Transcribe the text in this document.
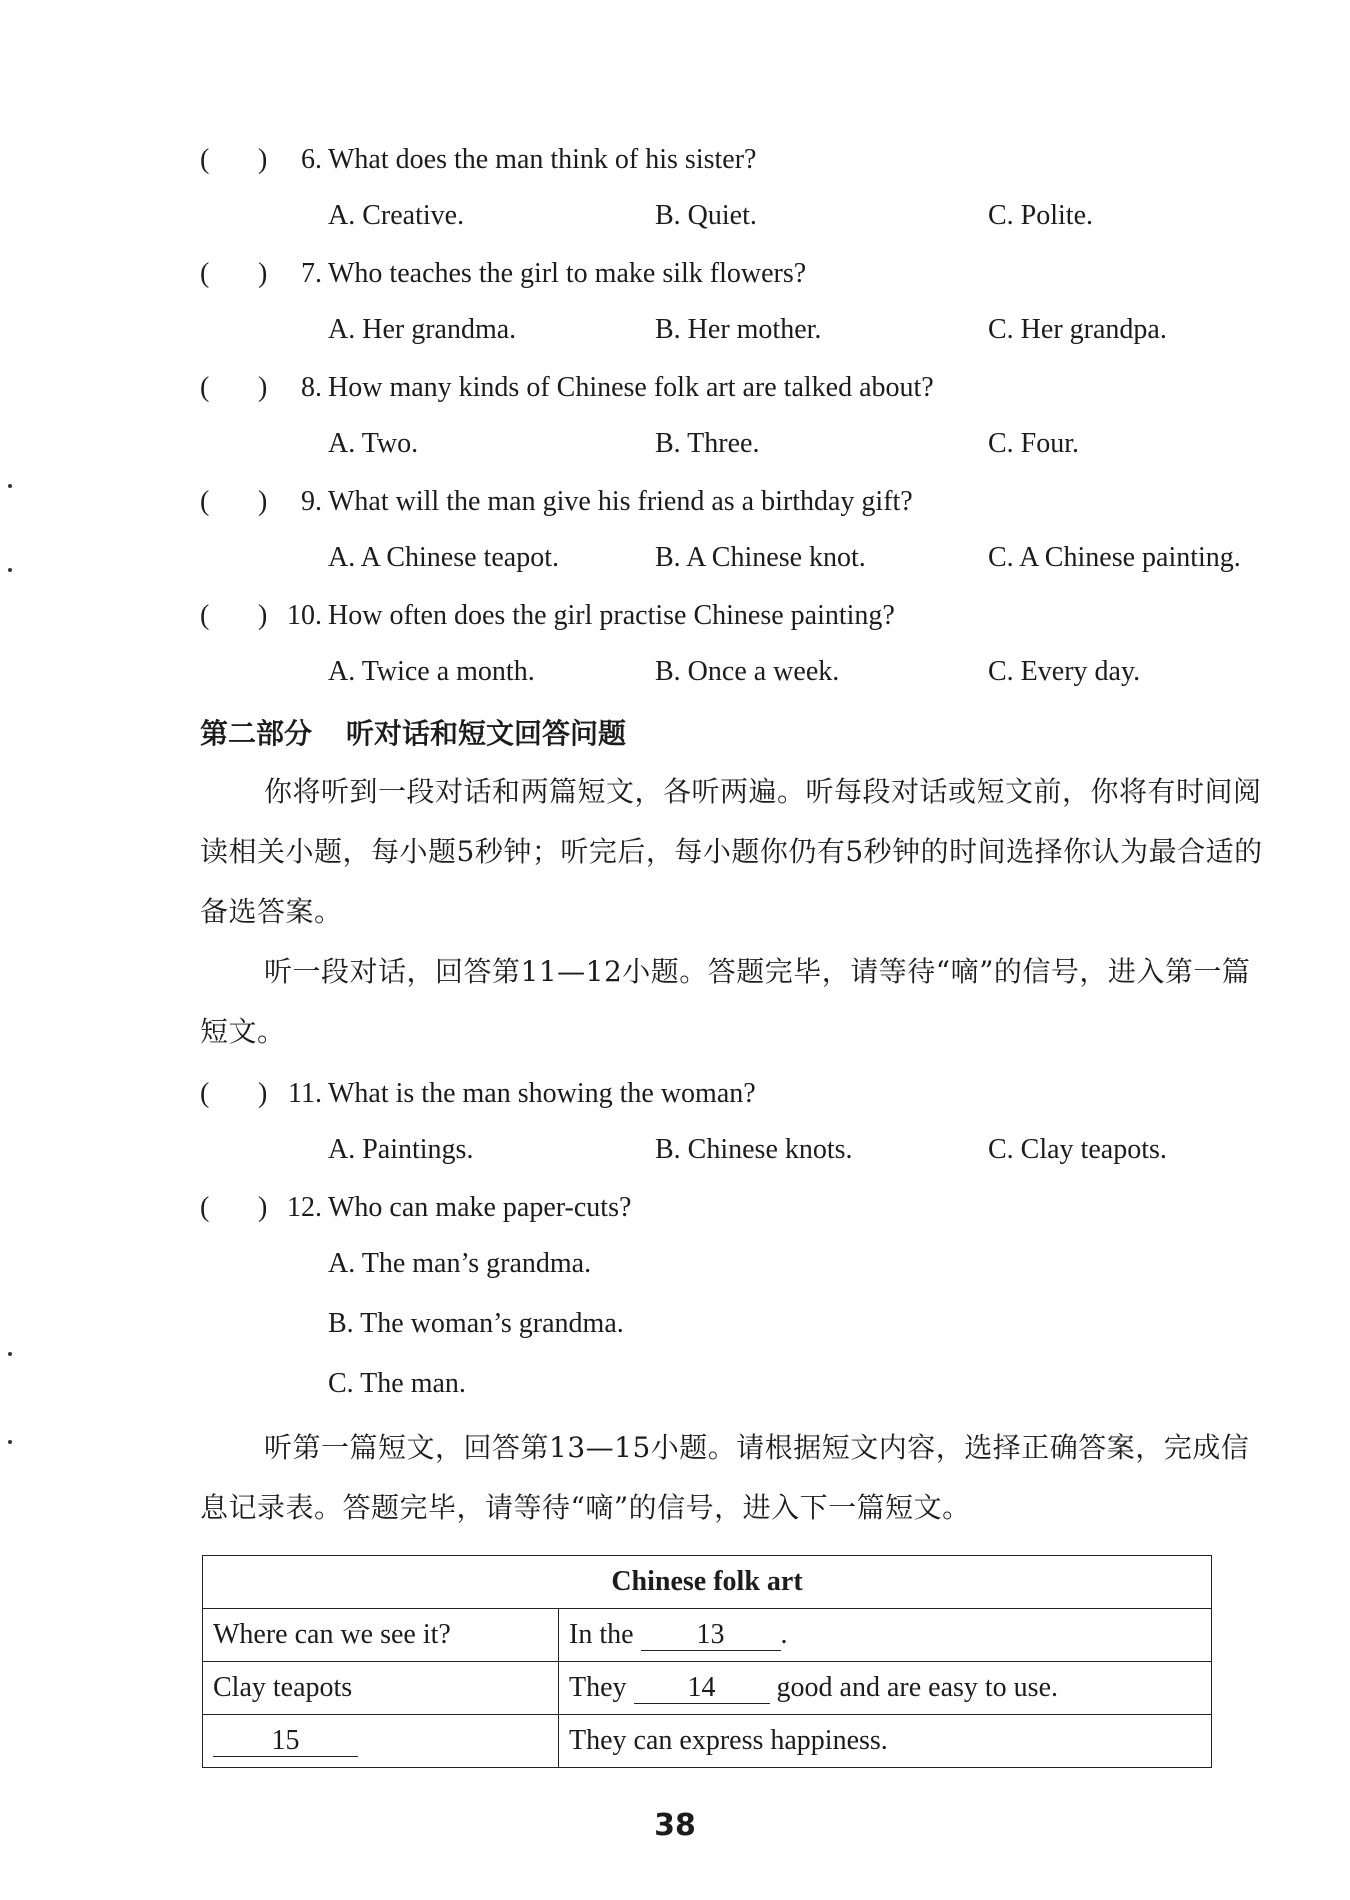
( )	6. What does the man think of his sister?
A. Creative.	B. Quiet.	C. Polite.
( )	7. Who teaches the girl to make silk flowers?
A. Her grandma.	B. Her mother.	C. Her grandpa.
( )	8. How many kinds of Chinese folk art are talked about?
A. Two.	B. Three.	C. Four.
( )	9. What will the man give his friend as a birthday gift?
A. A Chinese teapot.	B. A Chinese knot.	C. A Chinese painting.
( ) 10. How often does the girl practise Chinese painting?
A. Twice a month.	B. Once a week.	C. Every day.
第二部分 听对话和短文回答问题
你将听到一段对话和两篇短文，各听两遍。听每段对话或短文前，你将有时间阅读相关小题，每小题5秒钟；听完后，每小题你仍有5秒钟的时间选择你认为最合适的备选答案。
听一段对话，回答第11—12小题。答题完毕，请等待“嘀”的信号，进入第一篇短文。
( ) 11. What is the man showing the woman?
A. Paintings.	B. Chinese knots.	C. Clay teapots.
( ) 12. Who can make paper-cuts?
A. The man’s grandma.
B. The woman’s grandma.
C. The man.
听第一篇短文，回答第13—15小题。请根据短文内容，选择正确答案，完成信息记录表。答题完毕，请等待“嘀”的信号，进入下一篇短文。
Chinese folk art	
Where can we see it?	In the 13 .
Clay teapots	They 14 good and are easy to use.
15	They can express happiness.
38
